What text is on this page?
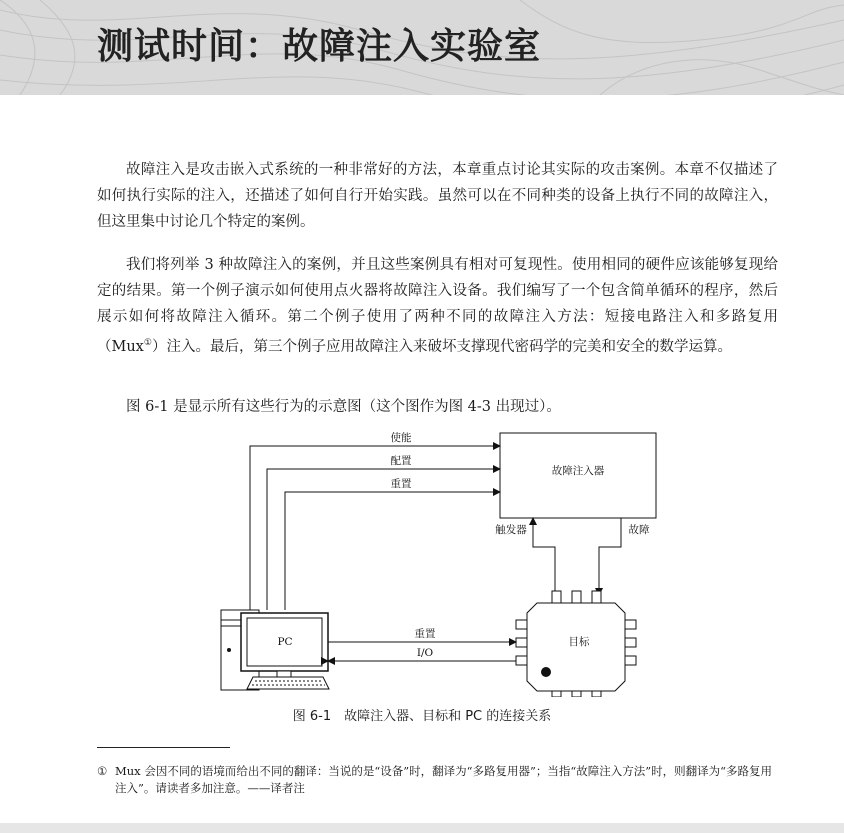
测试时间：故障注入实验室

故障注入是攻击嵌入式系统的一种非常好的方法，本章重点讨论其实际的攻击案例。本章不仅描述了如何执行实际的注入，还描述了如何自行开始实践。虽然可以在不同种类的设备上执行不同的故障注入，但这里集中讨论几个特定的案例。

我们将列举 3 种故障注入的案例，并且这些案例具有相对可复现性。使用相同的硬件应该能够复现给定的结果。第一个例子演示如何使用点火器将故障注入设备。我们编写了一个包含简单循环的程序，然后展示如何将故障注入循环。第二个例子使用了两种不同的故障注入方法：短接电路注入和多路复用（Mux①）注入。最后，第三个例子应用故障注入来破坏支撑现代密码学的完美和安全的数学运算。

图 6-1 是显示所有这些行为的示意图（这个图作为图 4-3 出现过）。

故障注入器
使能
配置
重置
触发器	故障
PC	目标
重置
I/O
图 6-1　故障注入器、目标和 PC 的连接关系

① Mux 会因不同的语境而给出不同的翻译：当说的是“设备”时，翻译为“多路复用器”；当指“故障注入方法”时，则翻译为“多路复用注入”。请读者多加注意。——译者注
